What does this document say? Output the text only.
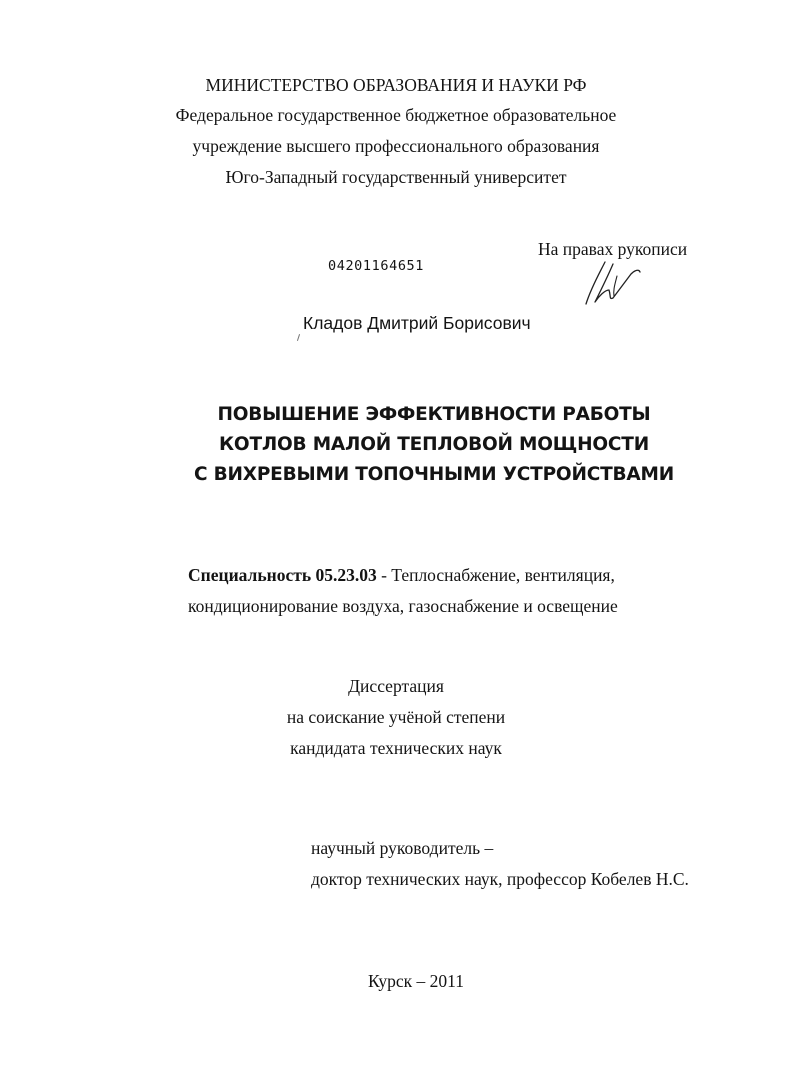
МИНИСТЕРСТВО ОБРАЗОВАНИЯ И НАУКИ РФ
Федеральное государственное бюджетное образовательное
учреждение высшего профессионального образования
Юго-Западный государственный университет
На правах рукописи
04201164651
Кладов Дмитрий Борисович
ПОВЫШЕНИЕ ЭФФЕКТИВНОСТИ РАБОТЫ
КОТЛОВ МАЛОЙ ТЕПЛОВОЙ МОЩНОСТИ
С ВИХРЕВЫМИ ТОПОЧНЫМИ УСТРОЙСТВАМИ
Специальность 05.23.03 - Теплоснабжение, вентиляция,
кондиционирование воздуха, газоснабжение и освещение
Диссертация
на соискание учёной степени
кандидата технических наук
научный руководитель –
доктор технических наук, профессор Кобелев Н.С.
Курск – 2011
